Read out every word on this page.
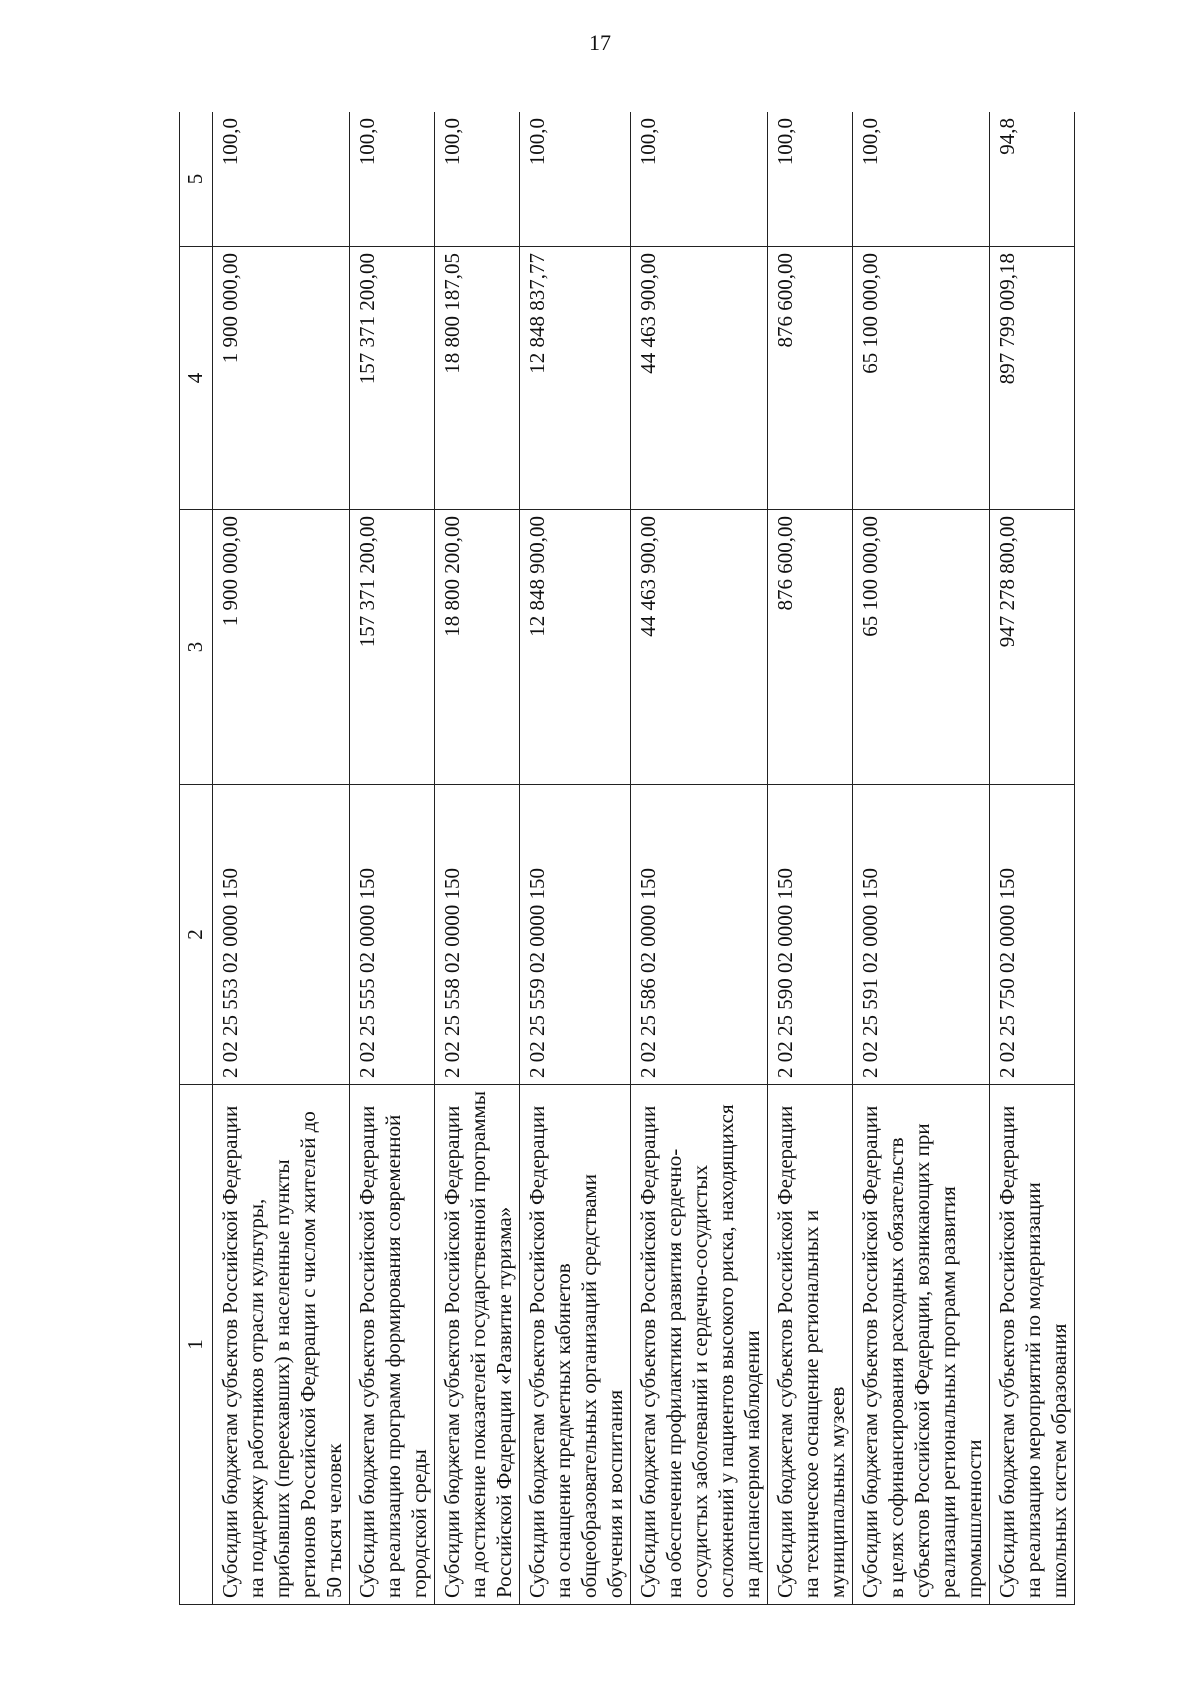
17
1	2	3	4	5
Субсидии бюджетам субъектов Российской Федерации на поддержку работников отрасли культуры, прибывших (переехавших) в населенные пункты регионов Российской Федерации с числом жителей до 50 тысяч человек	2 02 25 553 02 0000 150	1 900 000,00	1 900 000,00	100,0
Субсидии бюджетам субъектов Российской Федерации на реализацию программ формирования современной городской среды	2 02 25 555 02 0000 150	157 371 200,00	157 371 200,00	100,0
Субсидии бюджетам субъектов Российской Федерации на достижение показателей государственной программы Российской Федерации «Развитие туризма»	2 02 25 558 02 0000 150	18 800 200,00	18 800 187,05	100,0
Субсидии бюджетам субъектов Российской Федерации на оснащение предметных кабинетов общеобразовательных организаций средствами обучения и воспитания	2 02 25 559 02 0000 150	12 848 900,00	12 848 837,77	100,0
Субсидии бюджетам субъектов Российской Федерации на обеспечение профилактики развития сердечно-сосудистых заболеваний и сердечно-сосудистых осложнений у пациентов высокого риска, находящихся на диспансерном наблюдении	2 02 25 586 02 0000 150	44 463 900,00	44 463 900,00	100,0
Субсидии бюджетам субъектов Российской Федерации на техническое оснащение региональных и муниципальных музеев	2 02 25 590 02 0000 150	876 600,00	876 600,00	100,0
Субсидии бюджетам субъектов Российской Федерации в целях софинансирования расходных обязательств субъектов Российской Федерации, возникающих при реализации региональных программ развития промышленности	2 02 25 591 02 0000 150	65 100 000,00	65 100 000,00	100,0
Субсидии бюджетам субъектов Российской Федерации на реализацию мероприятий по модернизации школьных систем образования	2 02 25 750 02 0000 150	947 278 800,00	897 799 009,18	94,8
